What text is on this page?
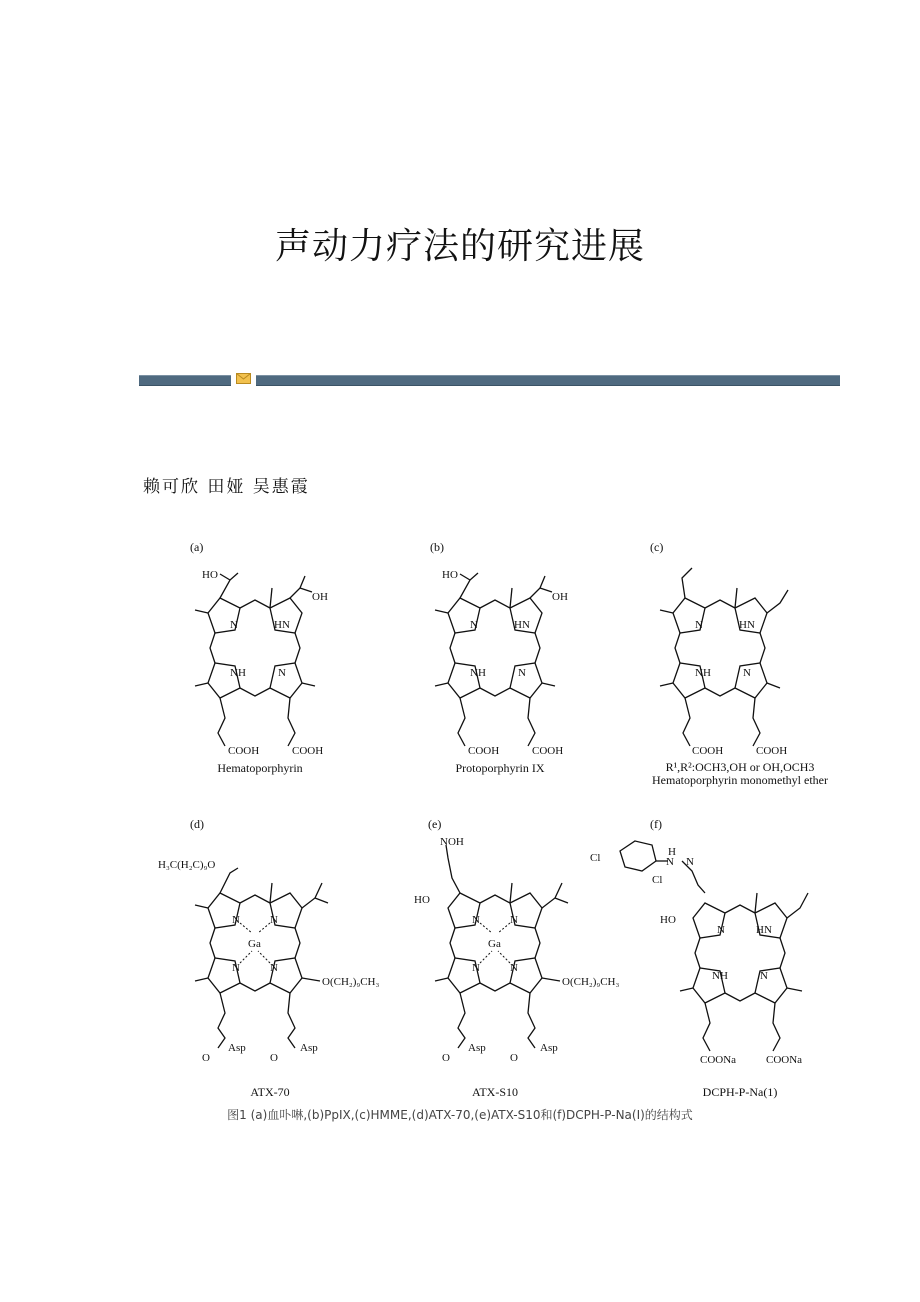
声动力疗法的研究进展
赖可欣 田娅 吴惠霞
(a)
HO
OH
N	HN
NH	N
COOH	COOH
Hematoporphyrin
(b)
HO
OH
N	HN
NH	N
COOH	COOH
Protoporphyrin IX
(c)
N	HN
NH	N
COOH	COOH
R¹,R²:OCH3,OH or OH,OCH3
Hematoporphyrin monomethyl ether
(d)
H₃C(H₂C)₉O
Ga
N	N
N	N
O(CH₂)₉CH₃
O
Asp
O
Asp
ATX-70
(e)
NOH
HO
Ga
N	N
N	N
O(CH₂)₉CH₃
O
Asp
O
Asp
ATX-S10
(f)
Cl
Cl
H
N N
HO
N	HN
NH	N
COONa	COONa
DCPH-P-Na(1)
图1 (a)血卟啉,(b)PpIX,(c)HMME,(d)ATX-70,(e)ATX-S10和(f)DCPH-P-Na(I)的结构式
